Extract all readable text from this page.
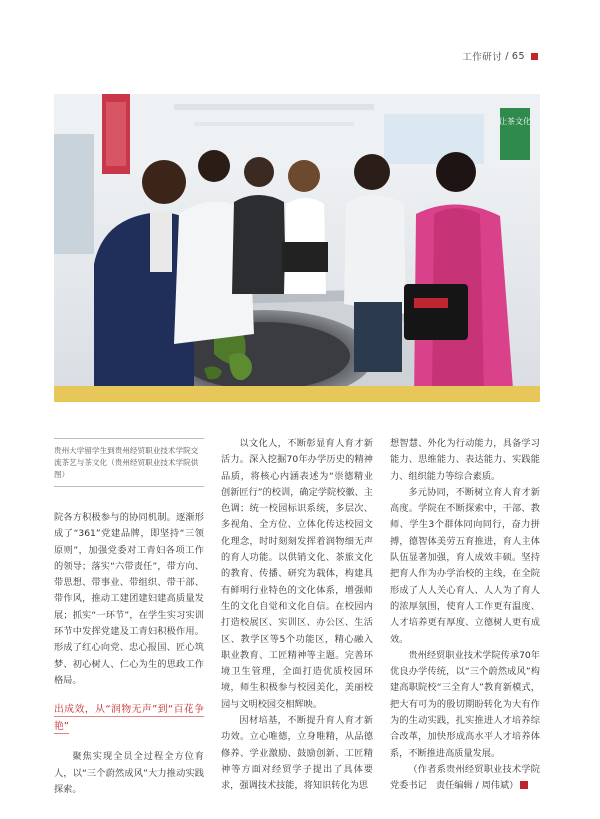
工作研讨 / 65
让茶文化
贵州大学留学生到贵州经贸职业技术学院交流茶艺与茶文化（贵州经贸职业技术学院供图）

院各方积极参与的协同机制。逐渐形成了“361”党建品牌，即坚持“三领原则”，加强党委对工青妇各项工作的领导；落实“六带责任”，带方向、带思想、带事业、带组织、带干部、带作风，推动工建团建妇建高质量发展；抓实“一环节”，在学生实习实训环节中发挥党建及工青妇积极作用。形成了红心向党、忠心报国、匠心筑梦、初心树人、仁心为生的思政工作格局。

出成效，从“润物无声”到“百花争艳”

聚焦实现全员全过程全方位育人，以“三个蔚然成风”大力推动实践探索。

以文化人，不断彰显育人育才新活力。深入挖掘70年办学历史的精神品质，将核心内涵表述为“崇德精业　创新匠行”的校训，确定学院校徽、主色调；统一校园标识系统，多层次、多视角、全方位、立体化传达校园文化理念，时时刻刻发挥着润物细无声的育人功能。以供销文化、茶旅文化的教育、传播、研究为载体，构建具有鲜明行业特色的文化体系，增强师生的文化自觉和文化自信。在校园内打造校展区、实训区、办公区、生活区、教学区等5个功能区，精心融入职业教育、工匠精神等主题。完善环境卫生管理，全面打造优质校园环境，师生积极参与校园美化，美丽校园与文明校园交相辉映。

因材培基，不断提升育人育才新功效。立心唯德，立身唯精，从品德修养、学业激励、鼓励创新、工匠精神等方面对经贸学子提出了具体要求，强调技术技能，将知识转化为思

想智慧、外化为行动能力，具备学习能力、思维能力、表达能力、实践能力、组织能力等综合素质。

多元协同，不断树立育人育才新高度。学院在不断探索中，干部、教师、学生3个群体同向同行，奋力拼搏，德智体美劳五育推进，育人主体队伍显著加强，育人成效丰硕。坚持把育人作为办学治校的主线，在全院形成了人人关心育人、人人为了育人的浓厚氛围，使育人工作更有温度、人才培养更有厚度、立德树人更有成效。

贵州经贸职业技术学院传承70年优良办学传统，以“三个蔚然成风”构建高职院校“三全育人”教育新模式，把大有可为的殷切期盼转化为大有作为的生动实践，扎实推进人才培养综合改革，加快形成高水平人才培养体系，不断推进高质量发展。

（作者系贵州经贸职业技术学院党委书记　责任编辑 / 周伟斌）
